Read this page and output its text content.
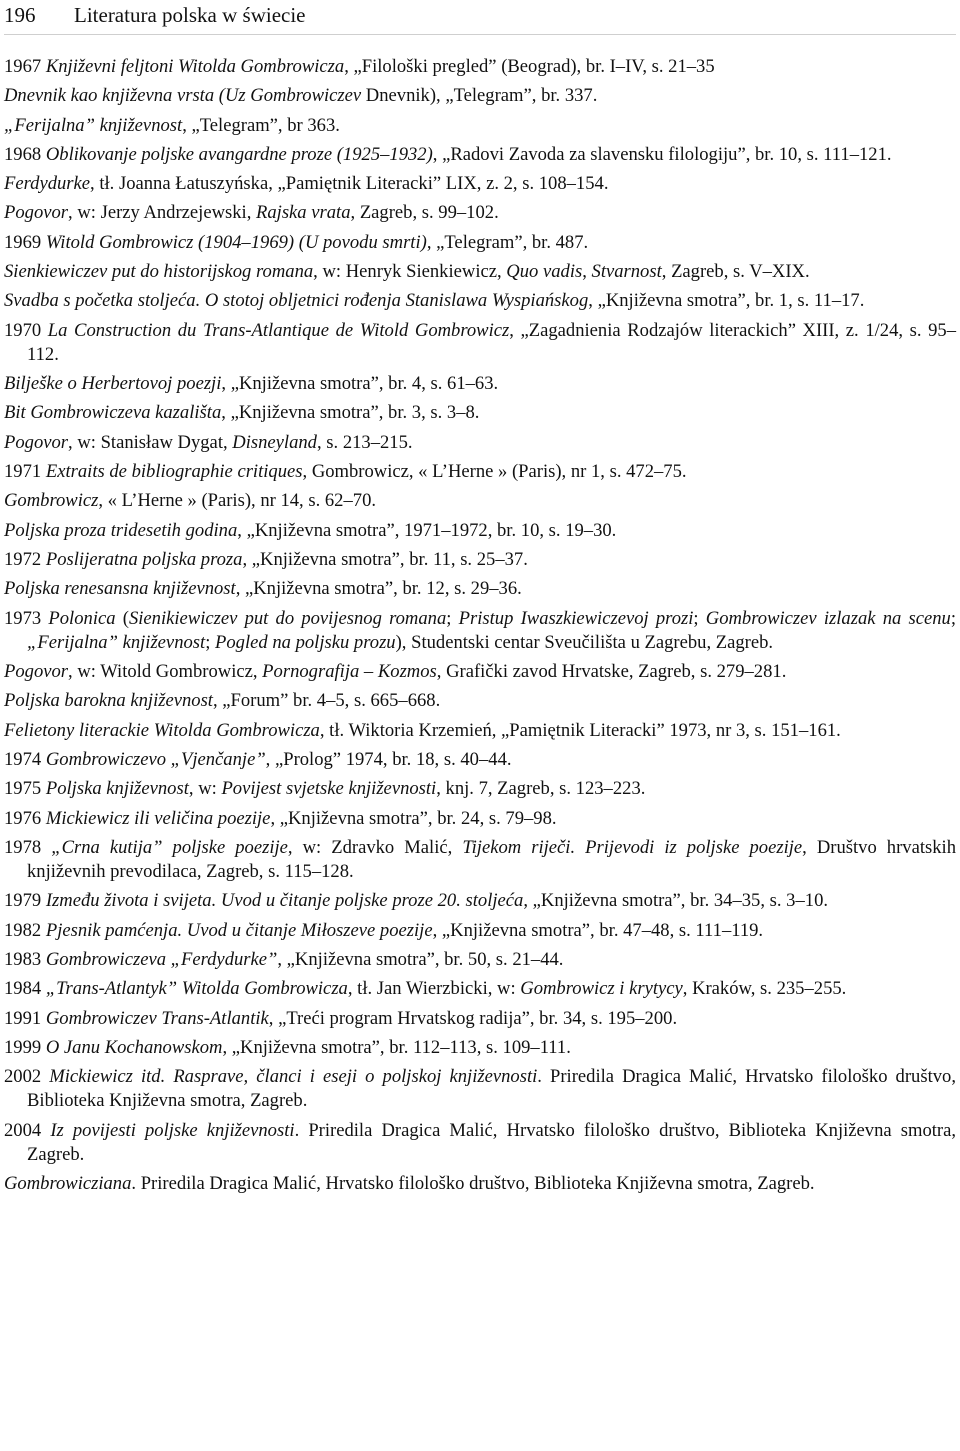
196 Literatura polska w świecie
1967 Književni feljtoni Witolda Gombrowicza, „Filološki pregled” (Beograd), br. I–IV, s. 21–35
Dnevnik kao književna vrsta (Uz Gombrowiczev Dnevnik), „Telegram”, br. 337.
„Ferijalna” književnost, „Telegram”, br 363.
1968 Oblikovanje poljske avangardne proze (1925–1932), „Radovi Zavoda za slavensku filologiju”, br. 10, s. 111–121.
Ferdydurke, tł. Joanna Łatuszyńska, „Pamiętnik Literacki” LIX, z. 2, s. 108–154.
Pogovor, w: Jerzy Andrzejewski, Rajska vrata, Zagreb, s. 99–102.
1969 Witold Gombrowicz (1904–1969) (U povodu smrti), „Telegram”, br. 487.
Sienkiewiczev put do historijskog romana, w: Henryk Sienkiewicz, Quo vadis, Stvarnost, Zagreb, s. V–XIX.
Svadba s početka stoljeća. O stotoj obljetnici rođenja Stanislawa Wyspiańskog, „Književna smotra”, br. 1, s. 11–17.
1970 La Construction du Trans-Atlantique de Witold Gombrowicz, „Zagadnienia Rodzajów literackich” XIII, z. 1/24, s. 95–112.
Bilješke o Herbertovoj poezji, „Književna smotra”, br. 4, s. 61–63.
Bit Gombrowiczeva kazališta, „Književna smotra”, br. 3, s. 3–8.
Pogovor, w: Stanisław Dygat, Disneyland, s. 213–215.
1971 Extraits de bibliographie critiques, Gombrowicz, « L’Herne » (Paris), nr 1, s. 472–75.
Gombrowicz, « L’Herne » (Paris), nr 14, s. 62–70.
Poljska proza tridesetih godina, „Književna smotra”, 1971–1972, br. 10, s. 19–30.
1972 Poslijeratna poljska proza, „Književna smotra”, br. 11, s. 25–37.
Poljska renesansna književnost, „Književna smotra”, br. 12, s. 29–36.
1973 Polonica (Sienikiewiczev put do povijesnog romana; Pristup Iwaszkiewiczevoj prozi; Gombrowiczev izlazak na scenu; „Ferijalna” književnost; Pogled na poljsku prozu), Studentski centar Sveučilišta u Zagrebu, Zagreb.
Pogovor, w: Witold Gombrowicz, Pornografija – Kozmos, Grafički zavod Hrvatske, Zagreb, s. 279–281.
Poljska barokna književnost, „Forum” br. 4–5, s. 665–668.
Felietony literackie Witolda Gombrowicza, tł. Wiktoria Krzemień, „Pamiętnik Literacki” 1973, nr 3, s. 151–161.
1974 Gombrowiczevo „Vjenčanje”, „Prolog” 1974, br. 18, s. 40–44.
1975 Poljska književnost, w: Povijest svjetske književnosti, knj. 7, Zagreb, s. 123–223.
1976 Mickiewicz ili veličina poezije, „Književna smotra”, br. 24, s. 79–98.
1978 „Crna kutija” poljske poezije, w: Zdravko Malić, Tijekom riječi. Prijevodi iz poljske poezije, Društvo hrvatskih književnih prevodilaca, Zagreb, s. 115–128.
1979 Između života i svijeta. Uvod u čitanje poljske proze 20. stoljeća, „Književna smotra”, br. 34–35, s. 3–10.
1982 Pjesnik pamćenja. Uvod u čitanje Miłoszeve poezije, „Književna smotra”, br. 47–48, s. 111–119.
1983 Gombrowiczeva „Ferdydurke”, „Književna smotra”, br. 50, s. 21–44.
1984 „Trans-Atlantyk” Witolda Gombrowicza, tł. Jan Wierzbicki, w: Gombrowicz i krytycy, Kraków, s. 235–255.
1991 Gombrowiczev Trans-Atlantik, „Treći program Hrvatskog radija”, br. 34, s. 195–200.
1999 O Janu Kochanowskom, „Književna smotra”, br. 112–113, s. 109–111.
2002 Mickiewicz itd. Rasprave, članci i eseji o poljskoj književnosti. Priredila Dragica Malić, Hrvatsko filološko društvo, Biblioteka Književna smotra, Zagreb.
2004 Iz povijesti poljske književnosti. Priredila Dragica Malić, Hrvatsko filološko društvo, Biblioteka Književna smotra, Zagreb.
Gombrowicziana. Priredila Dragica Malić, Hrvatsko filološko društvo, Biblioteka Književna smotra, Zagreb.
